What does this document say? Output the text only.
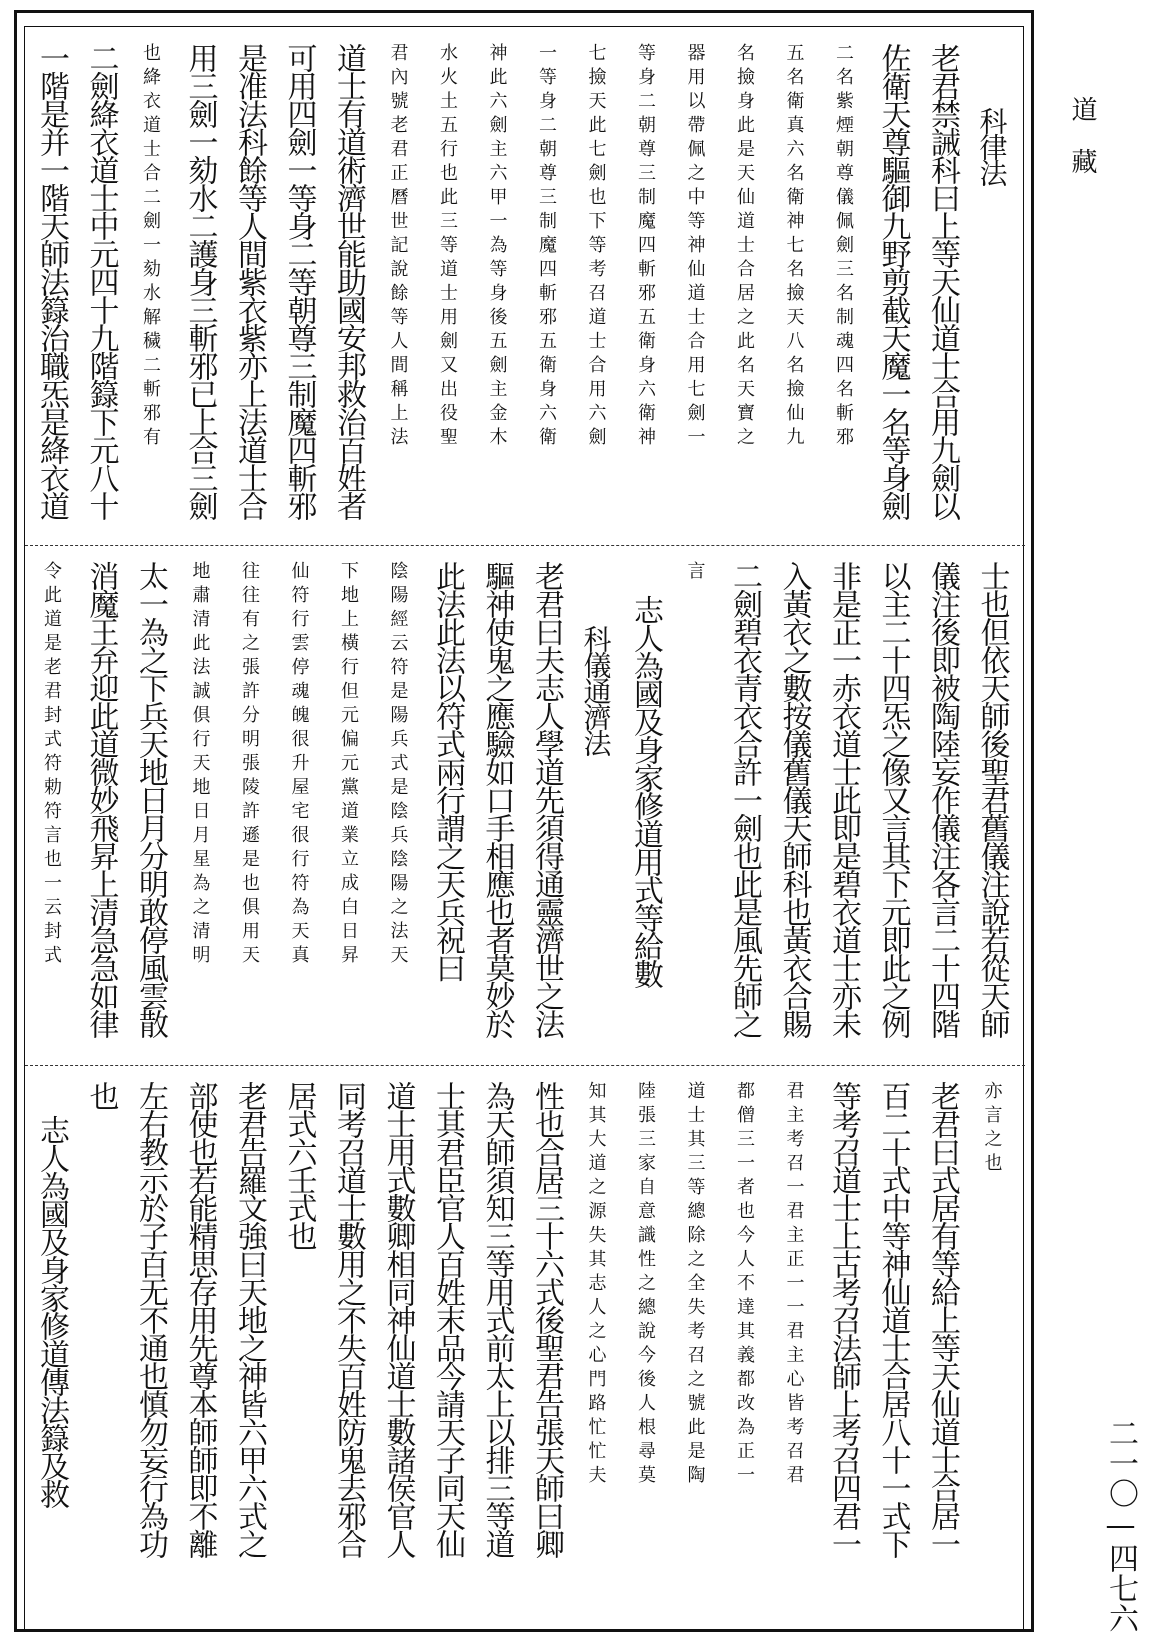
科律法
老君禁誡科曰上等天仙道士合用九劍以
佐衛天尊驅御九野剪截天魔一名等身劍
二名紫煙朝尊儀佩劍三名制魂四名斬邪
五名衛真六名衛神七名撿天八名撿仙九
名撿身此是天仙道士合居之此名天寶之
器用以帶佩之中等神仙道士合用七劍一
等身二朝尊三制魔四斬邪五衛身六衛神
七撿天此七劍也下等考召道士合用六劍
一等身二朝尊三制魔四斬邪五衛身六衛
神此六劍主六甲一為等身後五劍主金木
水火土五行也此三等道士用劍又出役聖
君內號老君正曆世記說餘等人間稱上法
道士有道術濟世能助國安邦救治百姓者
可用四劍一等身二等朝尊三制魔四斬邪
是准法科餘等人間紫衣紫亦上法道士合
用三劍一劾水二護身三斬邪已上合三劍
也絳衣道士合二劍一劾水解穢二斬邪有
二劍絳衣道士中元四十九階籙下元八十
一階是并一階天師法籙治職炁是絳衣道
士也但依天師後聖君舊儀注說若從天師
儀注後即被陶陸妄作儀注各言二十四階
以主二十四炁之像又言其下元即此之例
非是正一赤衣道士此即是碧衣道士亦未
入黃衣之數按儀舊儀天師科也黃衣合賜
二劍碧衣青衣合許一劍也此是風先師之
言
志人為國及身家修道用式等給數
科儀通濟法
老君曰夫志人學道先須得通靈濟世之法
驅神使鬼之應驗如口手相應也者莫妙於
此法此法以符式兩行謂之天兵祝曰
陰陽經云符是陽兵式是陰兵陰陽之法天
下地上橫行但元偏元黨道業立成白日昇
仙符行雲停魂魄很升屋宅很行符為天真
往往有之張許分明張陵許遜是也俱用天
地肅清此法誠俱行天地日月星為之清明
太一為之下兵天地日月分明敢停風雲散
消魔王弁迎此道微妙飛昇上清急急如律
令此道是老君封式符勅符言也一云封式
亦言之也
老君曰式居有等給上等天仙道士合居一
百二十式中等神仙道士合居八十一式下
等考召道士上古考召法師上考召四君一
君主考召一君主正一一君主心皆考召君
都僧三一者也今人不達其義都改為正一
道士其三等總除之全失考召之號此是陶
陸張三家自意識性之總說今後人根尋莫
知其大道之源失其志人之心門路忙忙夫
性也合居三十六式後聖君告張天師曰卿
為天師須知三等用式前太上以排三等道
士其君臣官人百姓末品今請天子同天仙
道士用式數卿相同神仙道士數諸侯官人
同考召道士數用之不失百姓防鬼去邪合
居式六壬式也
老君告羅文強曰天地之神皆六甲六式之
部使也若能精思存用先尊本師師即不離
左右教示於子百无不通也慎勿妄行為功
也
志人為國及身家修道傳法籙及救
道藏
二一〇—四七六
